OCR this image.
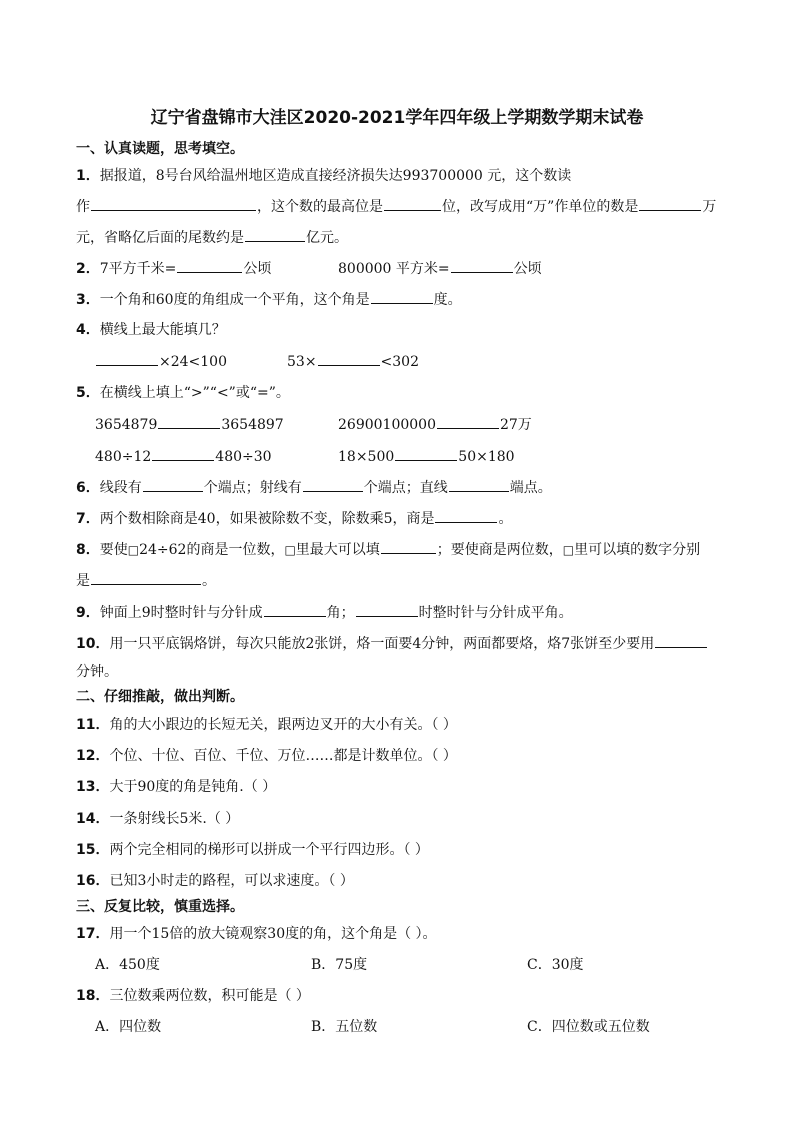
辽宁省盘锦市大洼区2020-2021学年四年级上学期数学期末试卷
一、认真读题，思考填空。
1．据报道，8号台风给温州地区造成直接经济损失达993700000 元，这个数读
作	，这个数的最高位是	位，改写成用“万”作单位的数是	万
元，省略亿后面的尾数约是	亿元。
2．7平方千米=	公顷	800000 平方米=	公顷
3．一个角和60度的角组成一个平角，这个角是	度。
4．横线上最大能填几？
×24<100	53×	<302
5．在横线上填上“>”“<”或“=”。
3654879	3654897	26900100000	27万
480÷12	480÷30	18×500	50×180
6．线段有	个端点；射线有	个端点；直线	端点。
7．两个数相除商是40，如果被除数不变，除数乘5，商是	。
8．要使□24÷62的商是一位数，□里最大可以填	；要使商是两位数，□里可以填的数字分别
是	。
9．钟面上9时整时针与分针成	角；	时整时针与分针成平角。
10．用一只平底锅烙饼，每次只能放2张饼，烙一面要4分钟，两面都要烙，烙7张饼至少要用
分钟。
二、仔细推敲，做出判断。
11．角的大小跟边的长短无关，跟两边叉开的大小有关。（ ）
12．个位、十位、百位、千位、万位……都是计数单位。（ ）
13．大于90度的角是钝角.（ ）
14．一条射线长5米.（ ）
15．两个完全相同的梯形可以拼成一个平行四边形。（ ）
16．已知3小时走的路程，可以求速度。（ ）
三、反复比较，慎重选择。
17．用一个15倍的放大镜观察30度的角，这个角是（ ）。
A．450度	B．75度	C．30度
18．三位数乘两位数，积可能是（ ）
A．四位数	B．五位数	C．四位数或五位数
